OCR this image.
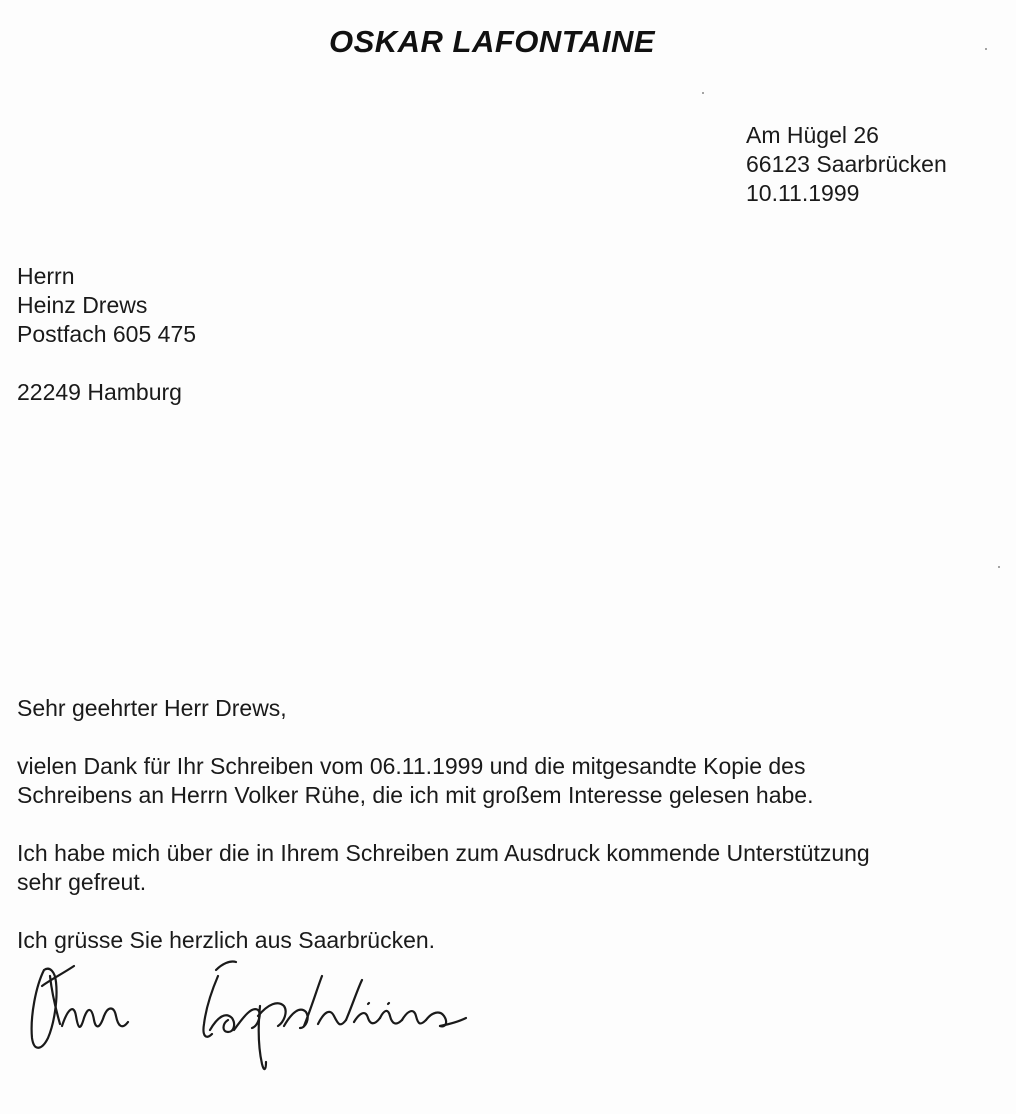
OSKAR LAFONTAINE
Am Hügel 26
66123 Saarbrücken
10.11.1999
Herrn
Heinz Drews
Postfach 605 475
22249 Hamburg

Sehr geehrter Herr Drews,

vielen Dank für Ihr Schreiben vom 06.11.1999 und die mitgesandte Kopie des
Schreibens an Herrn Volker Rühe, die ich mit großem Interesse gelesen habe.

Ich habe mich über die in Ihrem Schreiben zum Ausdruck kommende Unterstützung
sehr gefreut.

Ich grüsse Sie herzlich aus Saarbrücken.
